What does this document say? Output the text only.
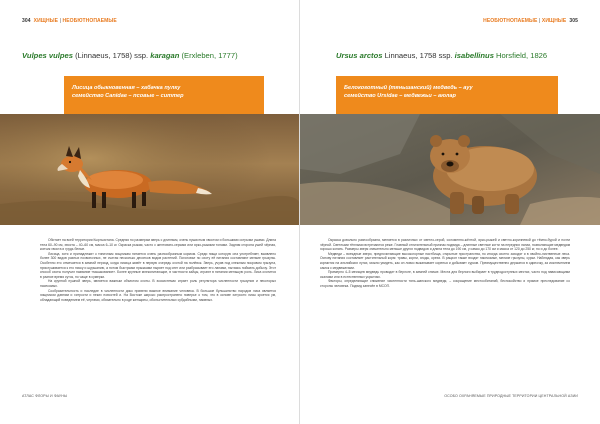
304 ХИЩНЫЕ | НЕОБЮТНОПАЕМЫЕ
Vulpes vulpes (Linnaeus, 1758) ssp. karagan (Erxleben, 1777)
Лисица обыкновенная – хабачка пулку
семейство Canidae – псовые – ситтер

Обитает на всей территории Кыргызстана. Средняя по размерам зверь с длинным, очень пушистым хвостом и большими острыми ушами. Длина тела 60–90 см, хвоста – 40–60 см, масса 6–10 кг. Окраска рыжая, часто с желтовато-серыми или ярко-рыжими тонами. Задняя сторона ушей чёрная, кончик хвоста и грудь белые.

Лисица, хотя и принадлежит к типичным хищникам питается очень разнообразным кормом. Среди пищи которую она употребляет, выявлено более 300 видов разных позвоночных, не считая несколько десятков видов растений. Поголовье по охоту её питания составляют мелкие грызуны. Особенно это отмечается в зимний период, когда лисица живёт в первую очередь охотой на полёвок. Зверь, учуяв под снежным покровом грызуна, прислушивается к его писку и шуршанию, а потом быстрыми прыжками ныряет под снег или разбрасывает его лапами, пытаясь поймать добычу. Этот способ охоты получил название «мышкование». Более крупные млекопитающие, в частности зайцы, играют в питании меньшую роль. Лиса охотится в разное время суток, но чаще в сумерки.

На крупной пушной зверь, является важным объектом охоты. В экосистемах играет роль регулятора численности грызунов и некоторых насекомых.

Сообразительность и наследие в численности дико привели важное внимание человека. В большое бульшинство народов лиса является хищником давним и хитрости и неких новостей и. На Востоке широко распространено поверье о том, что в основе хитрости лисы кроется ум, обладающий поведением её, чертами, обязательно в роде женщины, обольстительных субдобными, наивных.

АТЛАС ФЛОРЫ И ФАУНЫ
НЕОБЮТНОПАЕМЫЕ | ХИЩНЫЕ 305
Ursus arctos Linnaeus, 1758 ssp. isabellinus Horsfield, 1826
Белокоготный (тяньшанский) медведь – ayy
семейство Ursidae – медвежьи – аюлар

Окраска довольно разнообразна, меняется в различных от светло-серой, соломенно-жёлтой, ярко-рыжей и светло-коричневой до тёмно-бурой и почти чёрной. Светлыми тёплыми встречаются реже. Главный отличительный признак подвида – длинные светлые когти на передних лапах, позволяющие медведям хорошо копать. Размеры зверя значительно меньше других подвидов и длина тела до 190 см, у самок до 170 см и масса от 120 до 250 кг, но и до более.

Медведи – всеядные звери, предпочитающие высокогорные пастбища, открытые пространства, но иногда охотно заходят и в хвойно-лиственные леса. Основу питания составляет растительный корм: травы, корни, ягоды, орехи. В рацион также входят насекомые, мелкие грызуны, сурки. Наблюдая, как зверь кормится на альпийских лугах, можно увидеть, как он ловко выкапывает коренья и добывает сурков. Преимущественно держатся в одиночку, за исключением самок с медвежатами.

Примерно 4–5 месяцев медведь проводит в берлоге, в зимней спячке. Места для берлоги выбирает в труднодоступных местах, часто под нависающими скалами или в естественных укрытиях.

Факторы, определяющие снижение численности тянь-шанского медведя, – сокращение местообитаний, беспокойство и прямое преследование со стороны человека. Подвид занесён в МСОП.

ОСОБО ОХРАНЯЕМЫЕ ПРИРОДНЫЕ ТЕРРИТОРИИ ЦЕНТРАЛЬНОЙ АЗИИ
